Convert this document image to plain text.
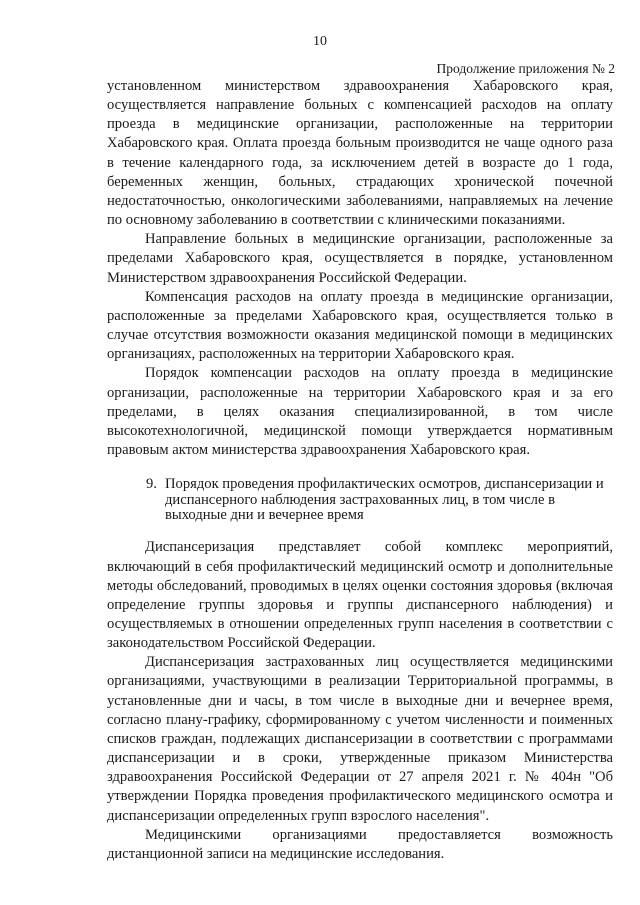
10
Продолжение приложения № 2

установленном министерством здравоохранения Хабаровского края, осуществляется направление больных с компенсацией расходов на оплату проезда в медицинские организации, расположенные на территории Хабаровского края. Оплата проезда больным производится не чаще одного раза в течение календарного года, за исключением детей в возрасте до 1 года, беременных женщин, больных, страдающих хронической почечной недостаточностью, онкологическими заболеваниями, направляемых на лечение по основному заболеванию в соответствии с клиническими показаниями.

Направление больных в медицинские организации, расположенные за пределами Хабаровского края, осуществляется в порядке, установленном Министерством здравоохранения Российской Федерации.

Компенсация расходов на оплату проезда в медицинские организации, расположенные за пределами Хабаровского края, осуществляется только в случае отсутствия возможности оказания медицинской помощи в медицинских организациях, расположенных на территории Хабаровского края.

Порядок компенсации расходов на оплату проезда в медицинские организации, расположенные на территории Хабаровского края и за его пределами, в целях оказания специализированной, в том числе высокотехнологичной, медицинской помощи утверждается нормативным правовым актом министерства здравоохранения Хабаровского края.

9. Порядок проведения профилактических осмотров, диспансеризации и диспансерного наблюдения застрахованных лиц, в том числе в выходные дни и вечернее время

Диспансеризация представляет собой комплекс мероприятий, включающий в себя профилактический медицинский осмотр и дополнительные методы обследований, проводимых в целях оценки состояния здоровья (включая определение группы здоровья и группы диспансерного наблюдения) и осуществляемых в отношении определенных групп населения в соответствии с законодательством Российской Федерации.

Диспансеризация застрахованных лиц осуществляется медицинскими организациями, участвующими в реализации Территориальной программы, в установленные дни и часы, в том числе в выходные дни и вечернее время, согласно плану-графику, сформированному с учетом численности и поименных списков граждан, подлежащих диспансеризации в соответствии с программами диспансеризации и в сроки, утвержденные приказом Министерства здравоохранения Российской Федерации от 27 апреля 2021 г. № 404н "Об утверждении Порядка проведения профилактического медицинского осмотра и диспансеризации определенных групп взрослого населения".

Медицинскими организациями предоставляется возможность дистанционной записи на медицинские исследования.
